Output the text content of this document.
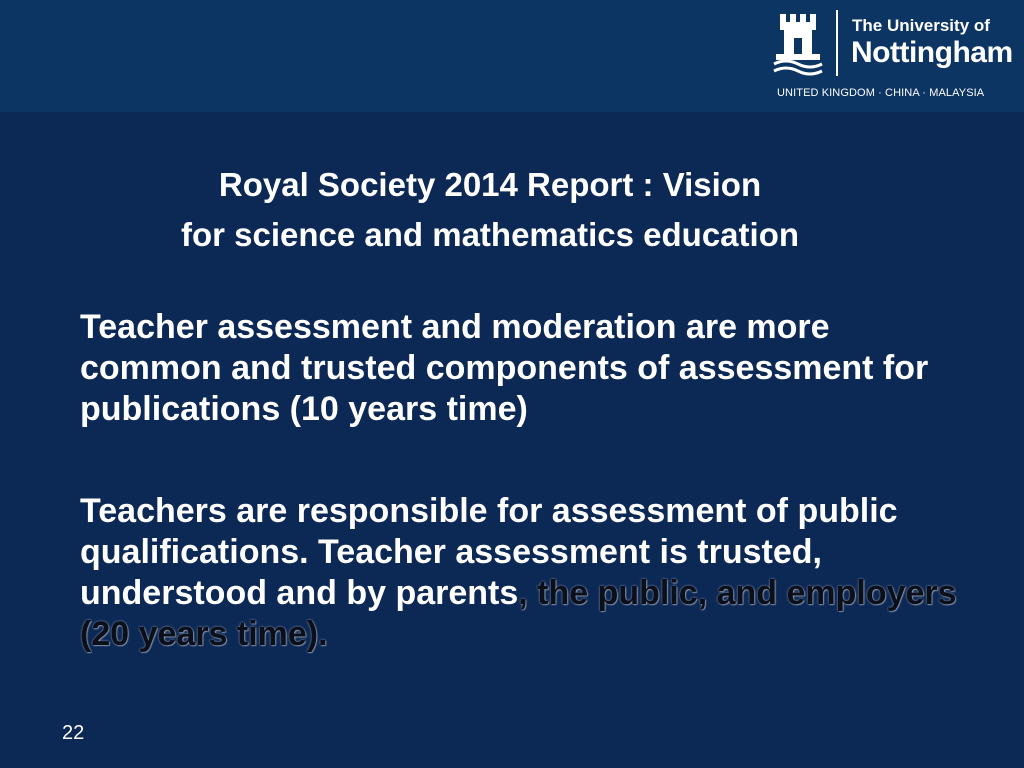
The University of
Nottingham
UNITED KINGDOM · CHINA · MALAYSIA
Royal Society 2014 Report : Vision
for science and mathematics education
Teacher assessment and moderation are more common and trusted components of assessment for publications (10 years time)
Teachers are responsible for assessment of public qualifications. Teacher assessment is trusted, understood and by parents, the public, and employers (20 years time).
22
